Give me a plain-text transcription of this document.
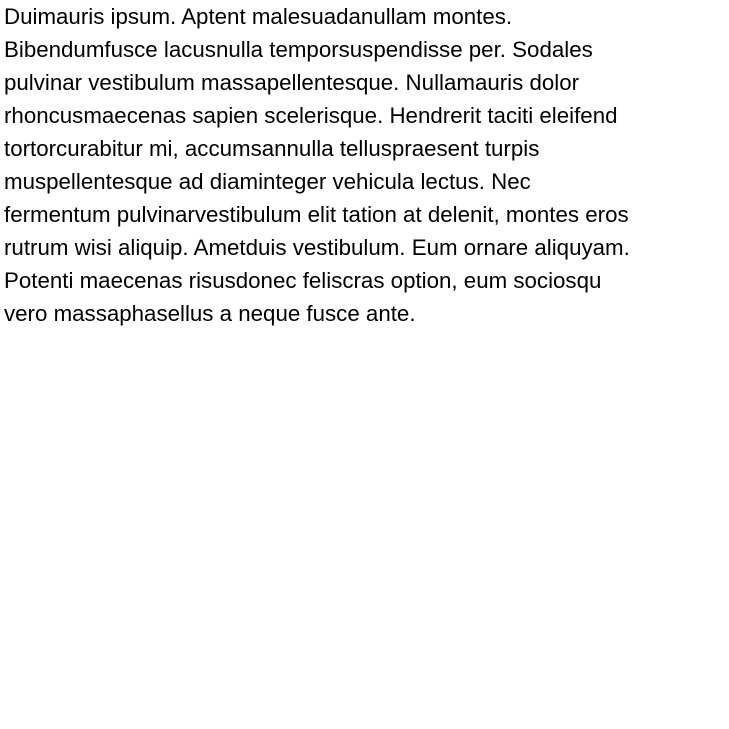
Duimauris ipsum. Aptent malesuadanullam montes.
Bibendumfusce lacusnulla temporsuspendisse per. Sodales
pulvinar vestibulum massapellentesque. Nullamauris dolor
rhoncusmaecenas sapien scelerisque. Hendrerit taciti eleifend
tortorcurabitur mi, accumsannulla telluspraesent turpis
muspellentesque ad diaminteger vehicula lectus. Nec
fermentum pulvinarvestibulum elit tation at delenit, montes eros
rutrum wisi aliquip. Ametduis vestibulum. Eum ornare aliquyam.
Potenti maecenas risusdonec feliscras option, eum sociosqu
vero massaphasellus a neque fusce ante.
